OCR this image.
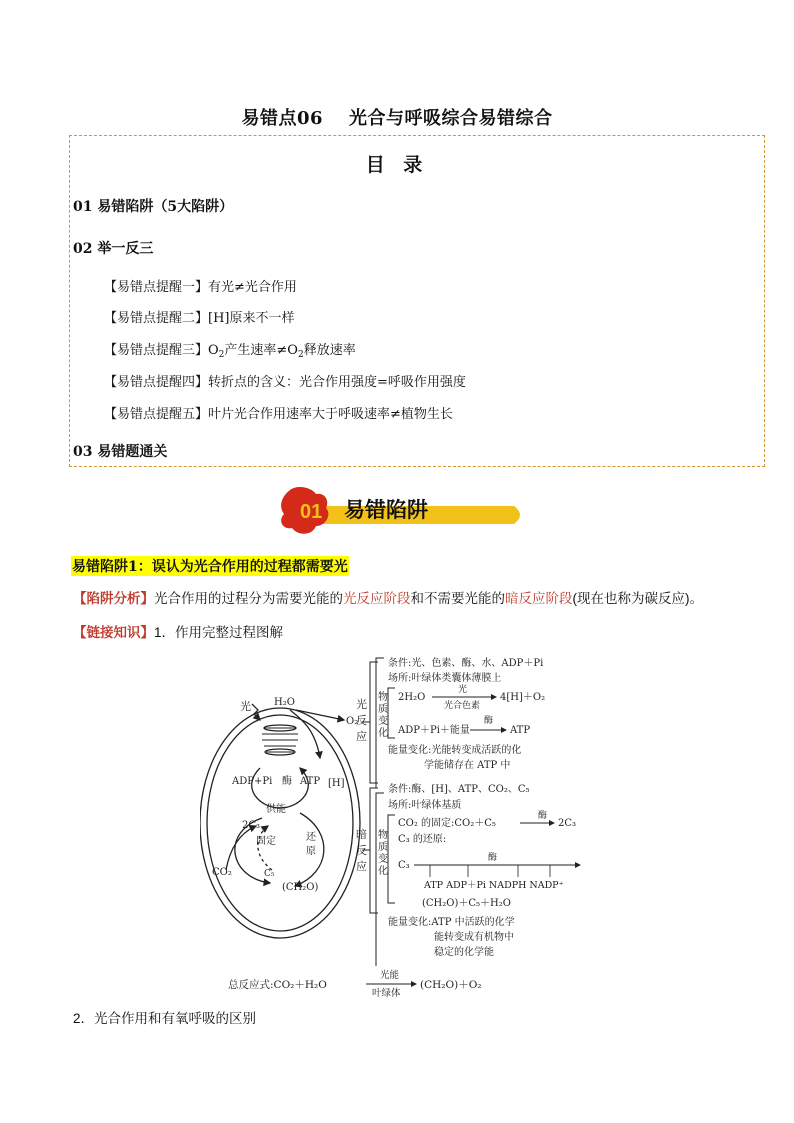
易错点06 光合与呼吸综合易错综合
目 录
01 易错陷阱（5大陷阱）
02 举一反三
【易错点提醒一】有光≠光合作用
【易错点提醒二】[H]原来不一样
【易错点提醒三】$O_2$产生速率$\ne O_2$释放速率
【易错点提醒四】转折点的含义：光合作用强度=呼吸作用强度
【易错点提醒五】叶片光合作用速率大于呼吸速率≠植物生长
03 易错题通关
01 易错陷阱
易错陷阱1：误认为光合作用的过程都需要光
【陷阱分析】光合作用的过程分为需要光能的光反应阶段和不需要光能的暗反应阶段(现在也称为碳反应)。
【链接知识】1．作用完整过程图解
光 H₂O
O₂
ADP+Pi 酶 ATP [H]
供能
2C₃
固定	还
原
CO₂	C₅
(CH₂O)
光
反
应
暗
反
应
条件:光、色素、酶、水、ADP＋Pi
场所:叶绿体类囊体薄膜上
物
质
变
化
2H₂O
光
光合色素
4[H]＋O₂
ADP＋Pi＋能量
酶
ATP
能量变化:光能转变成活跃的化
学能储存在 ATP 中
条件:酶、[H]、ATP、CO₂、C₅
场所:叶绿体基质
物
质
变
化
CO₂ 的固定:CO₂＋C₅
酶
2C₃
C₃ 的还原:
C₃
酶
ATP ADP＋Pi NADPH NADP⁺
(CH₂O)＋C₅＋H₂O
能量变化:ATP 中活跃的化学
能转变成有机物中
稳定的化学能
总反应式:CO₂＋H₂O
光能
叶绿体
(CH₂O)＋O₂
2．光合作用和有氧呼吸的区别
